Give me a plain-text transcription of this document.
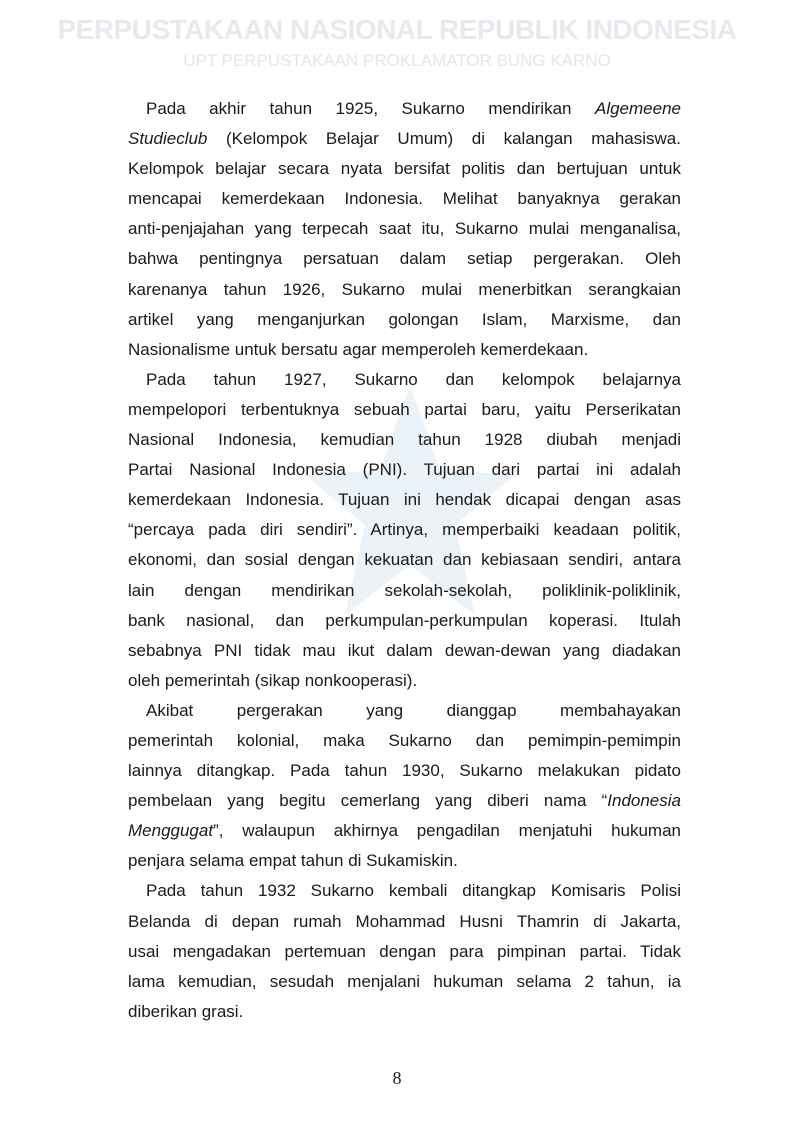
PERPUSTAKAAN NASIONAL REPUBLIK INDONESIA
UPT PERPUSTAKAAN PROKLAMATOR BUNG KARNO
Pada akhir tahun 1925, Sukarno mendirikan Algemeene
Studieclub (Kelompok Belajar Umum) di kalangan mahasiswa.
Kelompok belajar secara nyata bersifat politis dan bertujuan untuk
mencapai kemerdekaan Indonesia. Melihat banyaknya gerakan
anti-penjajahan yang terpecah saat itu, Sukarno mulai menganalisa,
bahwa pentingnya persatuan dalam setiap pergerakan. Oleh
karenanya tahun 1926, Sukarno mulai menerbitkan serangkaian
artikel yang menganjurkan golongan Islam, Marxisme, dan
Nasionalisme untuk bersatu agar memperoleh kemerdekaan.
Pada tahun 1927, Sukarno dan kelompok belajarnya
mempelopori terbentuknya sebuah partai baru, yaitu Perserikatan
Nasional Indonesia, kemudian tahun 1928 diubah menjadi
Partai Nasional Indonesia (PNI). Tujuan dari partai ini adalah
kemerdekaan Indonesia. Tujuan ini hendak dicapai dengan asas
“percaya pada diri sendiri”. Artinya, memperbaiki keadaan politik,
ekonomi, dan sosial dengan kekuatan dan kebiasaan sendiri, antara
lain dengan mendirikan sekolah-sekolah, poliklinik-poliklinik,
bank nasional, dan perkumpulan-perkumpulan koperasi. Itulah
sebabnya PNI tidak mau ikut dalam dewan-dewan yang diadakan
oleh pemerintah (sikap nonkooperasi).
Akibat pergerakan yang dianggap membahayakan
pemerintah kolonial, maka Sukarno dan pemimpin-pemimpin
lainnya ditangkap. Pada tahun 1930, Sukarno melakukan pidato
pembelaan yang begitu cemerlang yang diberi nama “Indonesia
Menggugat”, walaupun akhirnya pengadilan menjatuhi hukuman
penjara selama empat tahun di Sukamiskin.
Pada tahun 1932 Sukarno kembali ditangkap Komisaris Polisi
Belanda di depan rumah Mohammad Husni Thamrin di Jakarta,
usai mengadakan pertemuan dengan para pimpinan partai. Tidak
lama kemudian, sesudah menjalani hukuman selama 2 tahun, ia
diberikan grasi.
8
